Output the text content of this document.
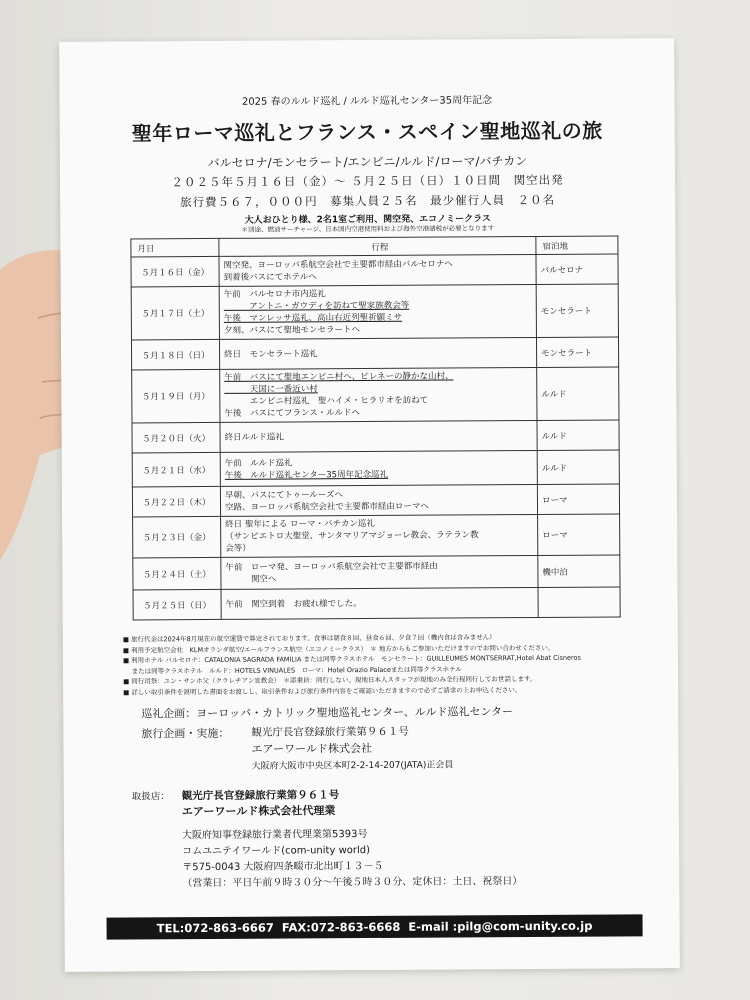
2025 春のルルド巡礼 / ルルド巡礼センター35周年記念
聖年ローマ巡礼とフランス・スペイン聖地巡礼の旅
バルセロナ/モンセラート/エンビニ/ルルド/ローマ/バチカン
２０２５年５月１６日（金）～ ５月２５日（日）１０日間　関空出発
旅行費５６７，０００円　募集人員２５名　最少催行人員　２０名
大人おひとり様、2名1室ご利用、関空発、エコノミークラス
＊別途、燃油サーチャージ、日本国内空港使用料および海外空港諸税が必要となります
月日	行程	宿泊地
５月１６日（金）	関空発、ヨーロッパ系航空会社で主要都市経由バルセロナへ
到着後バスにてホテルへ	バルセロナ
５月１７日（土）	午前　バルセロナ市内巡礼
　　　アントニ・ガウディを訪ねて聖家族教会等
午後　マンレッサ巡礼、高山右近列聖祈願ミサ
夕刻、バスにて聖地モンセラートへ	モンセラート
５月１８日（日）	終日　モンセラート巡礼	モンセラート
５月１９日（月）	午前　バスにて聖地エンビニ村へ、ピレネーの静かな山村、
　　　天国に一番近い村
　　　エンビニ村巡礼　聖ハイメ・ヒラリオを訪ねて
午後　バスにてフランス・ルルドへ	ルルド
５月２０日（火）	終日ルルド巡礼	ルルド
５月２１日（水）	午前　ルルド巡礼
午後　ルルド巡礼センター35周年記念巡礼	ルルド
５月２２日（木）	早朝、バスにてトゥールーズへ
空路、ヨーロッパ系航空会社で主要都市経由ローマへ	ローマ
５月２３日（金）	終日 聖年による ローマ・バチカン巡礼
（サンピエトロ大聖堂、サンタマリアマジョーレ教会、ラテラン教
会等）	ローマ
５月２４日（土）	午前　ローマ発、ヨーロッパ系航空会社で主要都市経由
　　　関空へ	機中泊
５月２５日（日）	午前　関空到着　お疲れ様でした。	

■ 旅行代金は2024年8月現在の航空運賃で算定されております。食事は朝食８回、昼食６回、夕食７回（機内食は含みません）
■ 利用予定航空会社　KLMオランダ航空/エールフランス航空（エコノミークラス）　＊ 地方からもご参加いただけますのでお問い合わせください。
■ 利用ホテル バルセロナ：CATALONIA SAGRADA FAMILIA または同等クラスホテル　モンセラート：GUILLEUMES MONTSERRAT,Hotel Abat Cisneros
　 または同等クラスホテル　ルルド：HOTELS VINUALES　ローマ：Hotel Orazio Palaceまたは同等クラスホテル
■ 同行司祭：ユン・サンホ父（クラレチアン宣教会）　＊添乗員：同行しない。現地日本人スタッフが現地のみ全行程同行してお世話します。
■ 詳しい取引条件を説明した書面をお渡しし、取引条件および旅行条件内容をご確認いただきますので必ずご請求の上お申込ください。
巡礼企画：ヨーロッパ・カトリック聖地巡礼センター、ルルド巡礼センター
旅行企画・実施： 観光庁長官登録旅行業第９６１号
エアーワールド株式会社
大阪府大阪市中央区本町2-2-14-207(JATA)正会員
取扱店： 観光庁長官登録旅行業第９６１号
エアーワールド株式会社代理業
大阪府知事登録旅行業者代理業第5393号
コムユニテイワールド(com-unity world)
〒575-0043 大阪府四条畷市北出町１３－５
（営業日：平日午前９時３０分～午後５時３０分、定休日：土日、祝祭日）
TEL:072-863-6667 FAX:072-863-6668 E-mail :pilg@com-unity.co.jp
